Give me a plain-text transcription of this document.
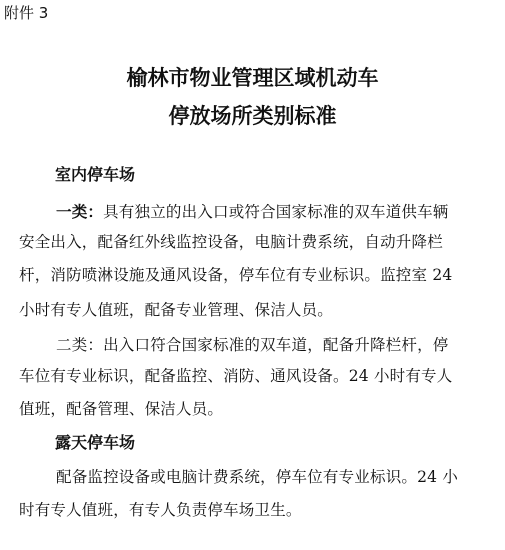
附件 3
榆林市物业管理区域机动车
停放场所类别标准
室内停车场
一类：具有独立的出入口或符合国家标准的双车道供车辆
安全出入，配备红外线监控设备，电脑计费系统，自动升降栏
杆，消防喷淋设施及通风设备，停车位有专业标识。监控室 24
小时有专人值班，配备专业管理、保洁人员。
二类：出入口符合国家标准的双车道，配备升降栏杆，停
车位有专业标识，配备监控、消防、通风设备。24 小时有专人
值班，配备管理、保洁人员。
露天停车场
配备监控设备或电脑计费系统，停车位有专业标识。24 小
时有专人值班，有专人负责停车场卫生。
